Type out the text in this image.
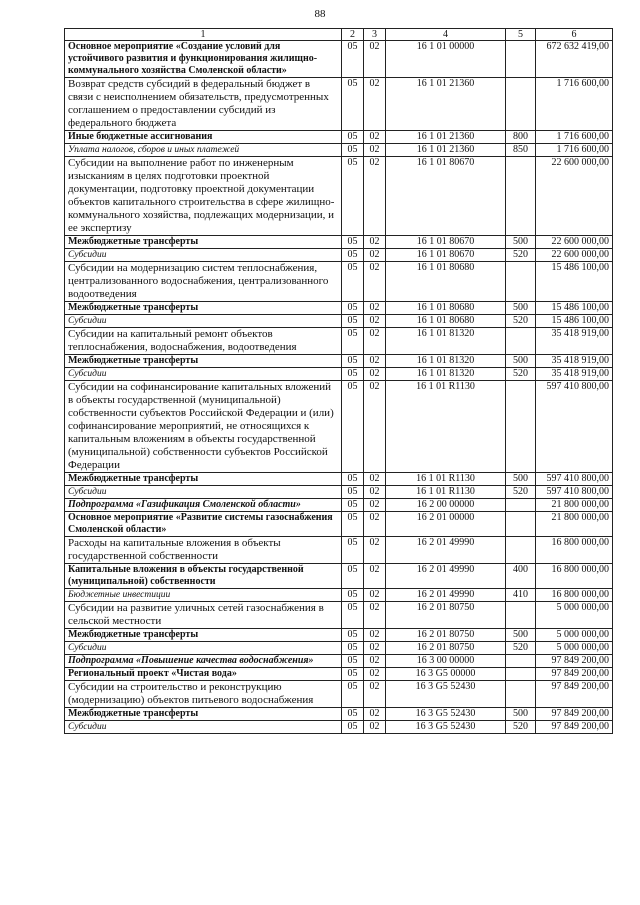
88
1	2	3	4	5	6
Основное мероприятие «Создание условий для устойчивого развития и функционирования жилищно-коммунального хозяйства Смоленской области»	05	02	16 1 01 00000		672 632 419,00
Возврат средств субсидий в федеральный бюджет в связи с неисполнением обязательств, предусмотренных соглашением о предоставлении субсидий из федерального бюджета	05	02	16 1 01 21360		1 716 600,00
Иные бюджетные ассигнования	05	02	16 1 01 21360	800	1 716 600,00
Уплата налогов, сборов и иных платежей	05	02	16 1 01 21360	850	1 716 600,00
Субсидии на выполнение работ по инженерным изысканиям в целях подготовки проектной документации, подготовку проектной документации объектов капитального строительства в сфере жилищно-коммунального хозяйства, подлежащих модернизации, и ее экспертизу	05	02	16 1 01 80670		22 600 000,00
Межбюджетные трансферты	05	02	16 1 01 80670	500	22 600 000,00
Субсидии	05	02	16 1 01 80670	520	22 600 000,00
Субсидии на модернизацию систем теплоснабжения, централизованного водоснабжения, централизованного водоотведения	05	02	16 1 01 80680		15 486 100,00
Межбюджетные трансферты	05	02	16 1 01 80680	500	15 486 100,00
Субсидии	05	02	16 1 01 80680	520	15 486 100,00
Субсидии на капитальный ремонт объектов теплоснабжения, водоснабжения, водоотведения	05	02	16 1 01 81320		35 418 919,00
Межбюджетные трансферты	05	02	16 1 01 81320	500	35 418 919,00
Субсидии	05	02	16 1 01 81320	520	35 418 919,00
Субсидии на софинансирование капитальных вложений в объекты государственной (муниципальной) собственности субъектов Российской Федерации и (или) софинансирование мероприятий, не относящихся к капитальным вложениям в объекты государственной (муниципальной) собственности субъектов Российской Федерации	05	02	16 1 01 R1130		597 410 800,00
Межбюджетные трансферты	05	02	16 1 01 R1130	500	597 410 800,00
Субсидии	05	02	16 1 01 R1130	520	597 410 800,00
Подпрограмма «Газификация Смоленской области»	05	02	16 2 00 00000		21 800 000,00
Основное мероприятие «Развитие системы газоснабжения Смоленской области»	05	02	16 2 01 00000		21 800 000,00
Расходы на капитальные вложения в объекты государственной собственности	05	02	16 2 01 49990		16 800 000,00
Капитальные вложения в объекты государственной (муниципальной) собственности	05	02	16 2 01 49990	400	16 800 000,00
Бюджетные инвестиции	05	02	16 2 01 49990	410	16 800 000,00
Субсидии на развитие уличных сетей газоснабжения в сельской местности	05	02	16 2 01 80750		5 000 000,00
Межбюджетные трансферты	05	02	16 2 01 80750	500	5 000 000,00
Субсидии	05	02	16 2 01 80750	520	5 000 000,00
Подпрограмма «Повышение качества водоснабжения»	05	02	16 3 00 00000		97 849 200,00
Региональный проект «Чистая вода»	05	02	16 3 G5 00000		97 849 200,00
Субсидии на строительство и реконструкцию (модернизацию) объектов питьевого водоснабжения	05	02	16 3 G5 52430		97 849 200,00
Межбюджетные трансферты	05	02	16 3 G5 52430	500	97 849 200,00
Субсидии	05	02	16 3 G5 52430	520	97 849 200,00
